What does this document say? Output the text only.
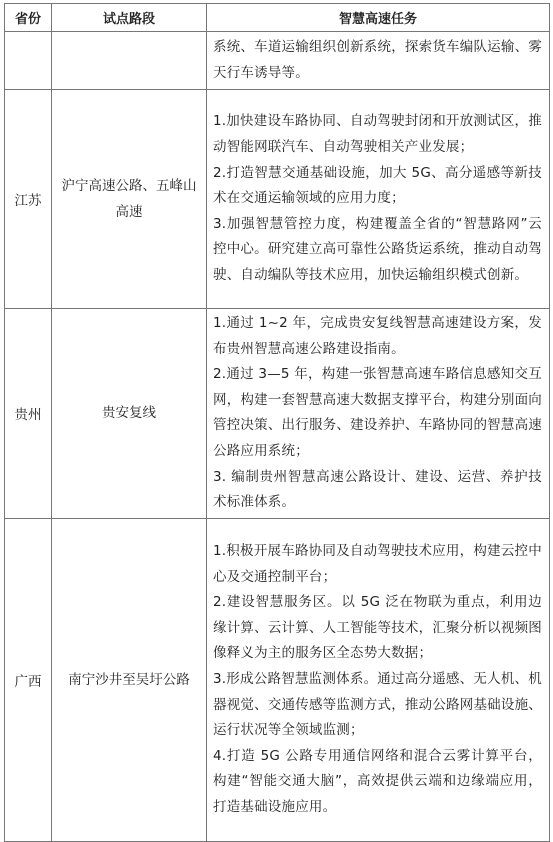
省份	试点路段	智慧高速任务

		系统、车道运输组织创新系统，探索货车编队运输、雾天行车诱导等。

江苏	沪宁高速公路、五峰山高速	1.加快建设车路协同、自动驾驶封闭和开放测试区，推动智能网联汽车、自动驾驶相关产业发展；

2.打造智慧交通基础设施，加大 5G、高分遥感等新技术在交通运输领域的应用力度；

3.加强智慧管控力度，构建覆盖全省的“智慧路网”云控中心。研究建立高可靠性公路货运系统，推动自动驾驶、自动编队等技术应用，加快运输组织模式创新。

贵州	贵安复线	1.通过 1~2 年，完成贵安复线智慧高速建设方案，发布贵州智慧高速公路建设指南。

2.通过 3—5 年，构建一张智慧高速车路信息感知交互网，构建一套智慧高速大数据支撑平台，构建分别面向管控决策、出行服务、建设养护、车路协同的智慧高速公路应用系统；

3. 编制贵州智慧高速公路设计、建设、运营、养护技术标准体系。

广西	南宁沙井至吴圩公路	1.积极开展车路协同及自动驾驶技术应用，构建云控中心及交通控制平台；

2.建设智慧服务区。以 5G 泛在物联为重点，利用边缘计算、云计算、人工智能等技术，汇聚分析以视频图像释义为主的服务区全态势大数据；

3.形成公路智慧监测体系。通过高分遥感、无人机、机器视觉、交通传感等监测方式，推动公路网基础设施、运行状况等全领域监测；

4.打造 5G 公路专用通信网络和混合云雾计算平台，构建“智能交通大脑”，高效提供云端和边缘端应用，打造基础设施应用。
